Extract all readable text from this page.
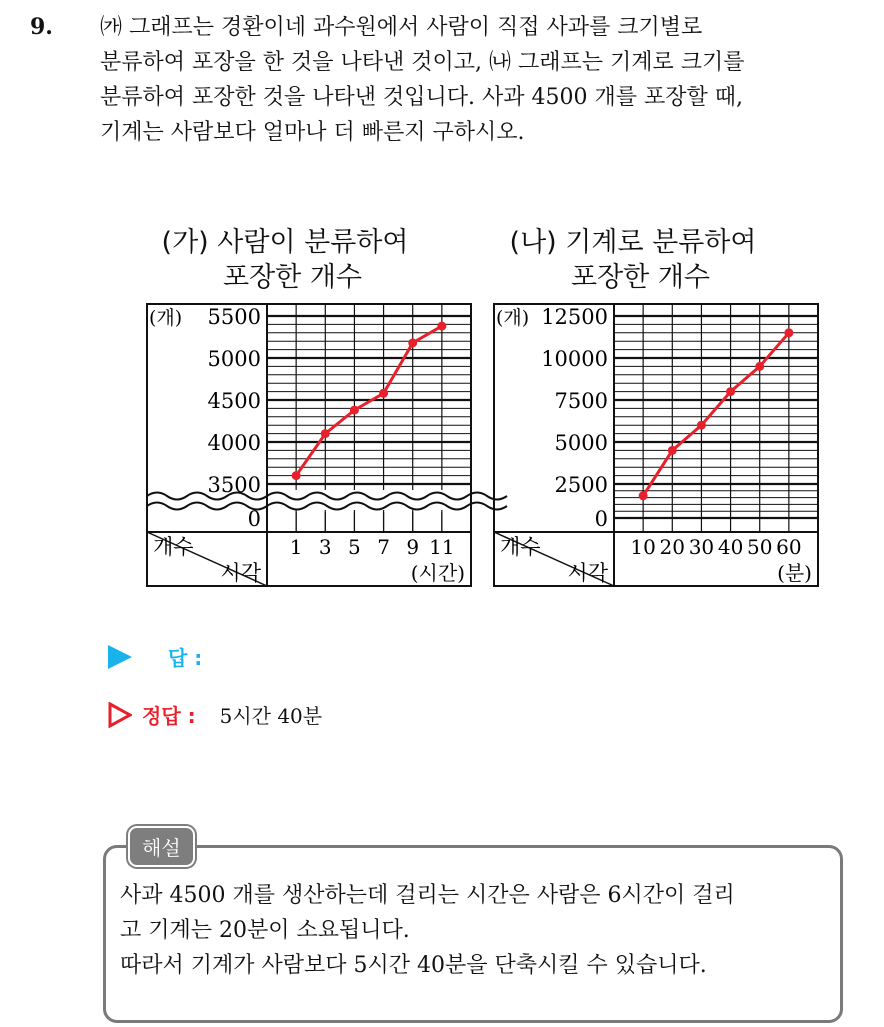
9. ㈎ 그래프는 경환이네 과수원에서 사람이 직접 사과를 크기별로
분류하여 포장을 한 것을 나타낸 것이고, ㈏ 그래프는 기계로 크기를
분류하여 포장한 것을 나타낸 것입니다. 사과 4500 개를 포장할 때,
기계는 사람보다 얼마나 더 빠른지 구하시오.
(가) 사람이 분류하여
포장한 개수
(나) 기계로 분류하여
포장한 개수
5500
5000
4500
4000
3500
0
(개)
1 3 5 7 9 11
(시간)
개수
시각
12500
10000
7500
5000
2500
0
(개)
10 20 30 40 50 60
(분)
개수
시각
답 :
정답 : 5시간 40분
해설
사과 4500 개를 생산하는데 걸리는 시간은 사람은 6시간이 걸리
고 기계는 20분이 소요됩니다.
따라서 기계가 사람보다 5시간 40분을 단축시킬 수 있습니다.
